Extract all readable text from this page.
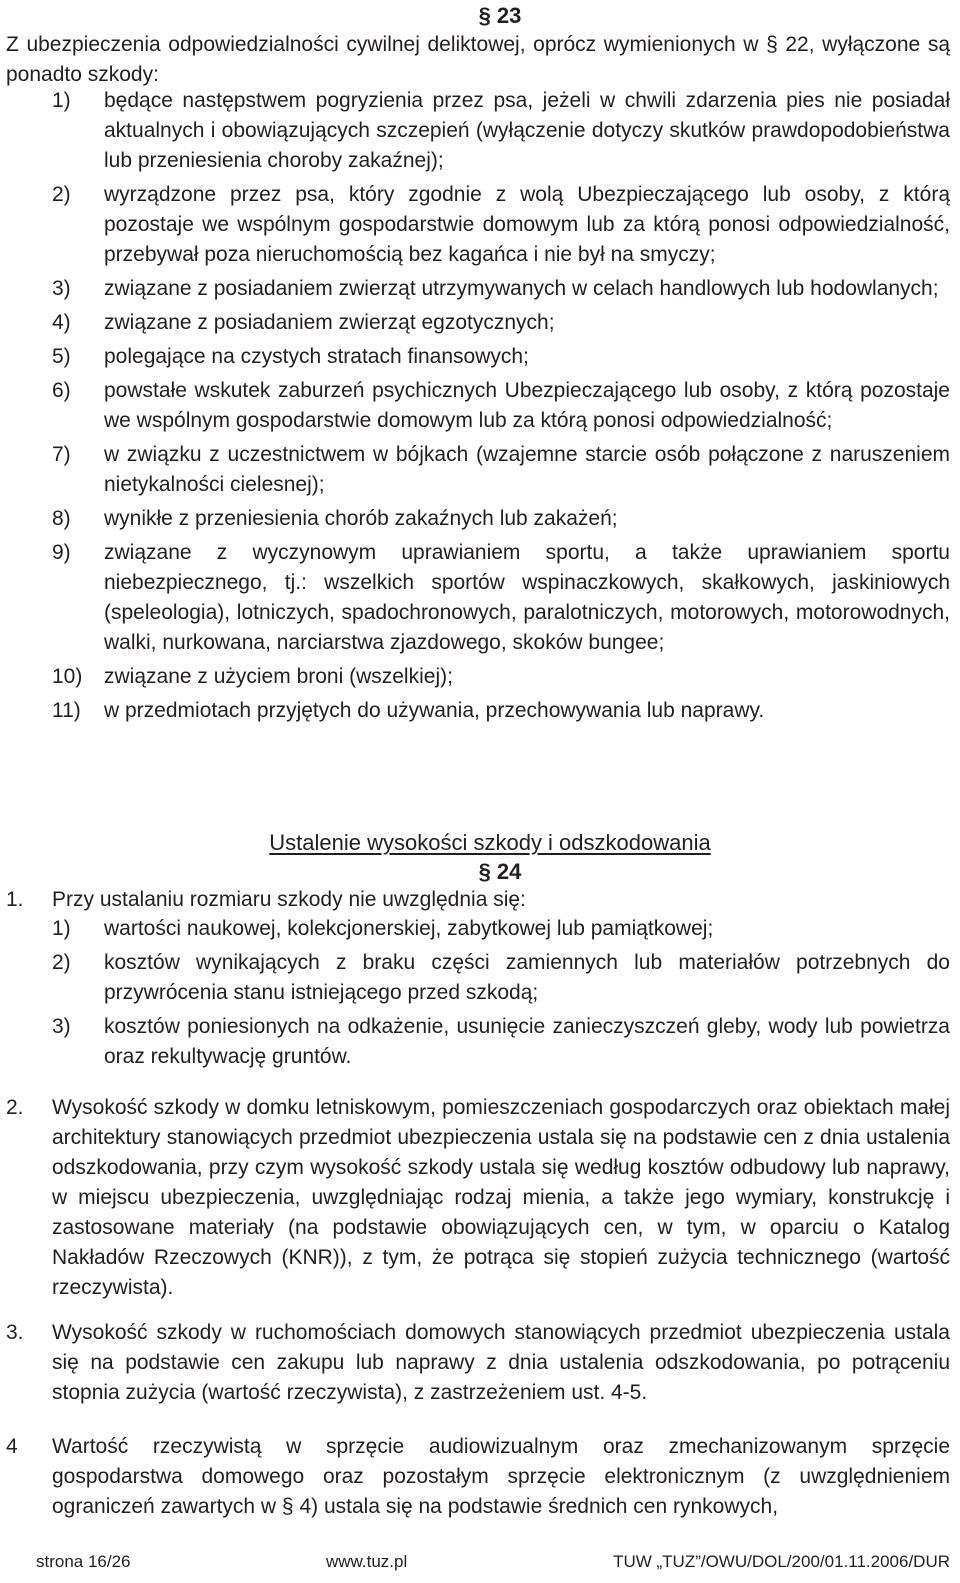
§ 23
Z ubezpieczenia odpowiedzialności cywilnej deliktowej, oprócz wymienionych w § 22, wyłączone są ponadto szkody:
1)	będące następstwem pogryzienia przez psa, jeżeli w chwili zdarzenia pies nie posiadał aktualnych i obowiązujących szczepień (wyłączenie dotyczy skutków prawdopodobieństwa lub przeniesienia choroby zakaźnej);
2)	wyrządzone przez psa, który zgodnie z wolą Ubezpieczającego lub osoby, z którą pozostaje we wspólnym gospodarstwie domowym lub za którą ponosi odpowiedzialność, przebywał poza nieruchomością bez kagańca i nie był na smyczy;
3)	związane z posiadaniem zwierząt utrzymywanych w celach handlowych lub hodowlanych;
4)	związane z posiadaniem zwierząt egzotycznych;
5)	polegające na czystych stratach finansowych;
6)	powstałe wskutek zaburzeń psychicznych Ubezpieczającego lub osoby, z którą pozostaje we wspólnym gospodarstwie domowym lub za którą ponosi odpowiedzialność;
7)	w związku z uczestnictwem w bójkach (wzajemne starcie osób połączone z naruszeniem nietykalności cielesnej);
8)	wynikłe z przeniesienia chorób zakaźnych lub zakażeń;
9)	związane z wyczynowym uprawianiem sportu, a także uprawianiem sportu niebezpiecznego, tj.: wszelkich sportów wspinaczkowych, skałkowych, jaskiniowych (speleologia), lotniczych, spadochronowych, paralotniczych, motorowych, motorowodnych, walki, nurkowana, narciarstwa zjazdowego, skoków bungee;
10)	związane z użyciem broni (wszelkiej);
11)	w przedmiotach przyjętych do używania, przechowywania lub naprawy.
Ustalenie wysokości szkody i odszkodowania
§ 24
1.	Przy ustalaniu rozmiaru szkody nie uwzględnia się:
1)	wartości naukowej, kolekcjonerskiej, zabytkowej lub pamiątkowej;
2)	kosztów wynikających z braku części zamiennych lub materiałów potrzebnych do przywrócenia stanu istniejącego przed szkodą;
3)	kosztów poniesionych na odkażenie, usunięcie zanieczyszczeń gleby, wody lub powietrza oraz rekultywację gruntów.
2.	Wysokość szkody w domku letniskowym, pomieszczeniach gospodarczych oraz obiektach małej architektury stanowiących przedmiot ubezpieczenia ustala się na podstawie cen z dnia ustalenia odszkodowania, przy czym wysokość szkody ustala się według kosztów odbudowy lub naprawy, w miejscu ubezpieczenia, uwzględniając rodzaj mienia, a także jego wymiary, konstrukcję i zastosowane materiały (na podstawie obowiązujących cen, w tym, w oparciu o Katalog Nakładów Rzeczowych (KNR)), z tym, że potrąca się stopień zużycia technicznego (wartość rzeczywista).
3.	Wysokość szkody w ruchomościach domowych stanowiących przedmiot ubezpieczenia ustala się na podstawie cen zakupu lub naprawy z dnia ustalenia odszkodowania, po potrąceniu stopnia zużycia (wartość rzeczywista), z zastrzeżeniem ust. 4-5.
4	Wartość rzeczywistą w sprzęcie audiowizualnym oraz zmechanizowanym sprzęcie gospodarstwa domowego oraz pozostałym sprzęcie elektronicznym (z uwzględnieniem ograniczeń zawartych w § 4) ustala się na podstawie średnich cen rynkowych,
strona 16/26	www.tuz.pl	TUW „TUZ”/OWU/DOL/200/01.11.2006/DUR
